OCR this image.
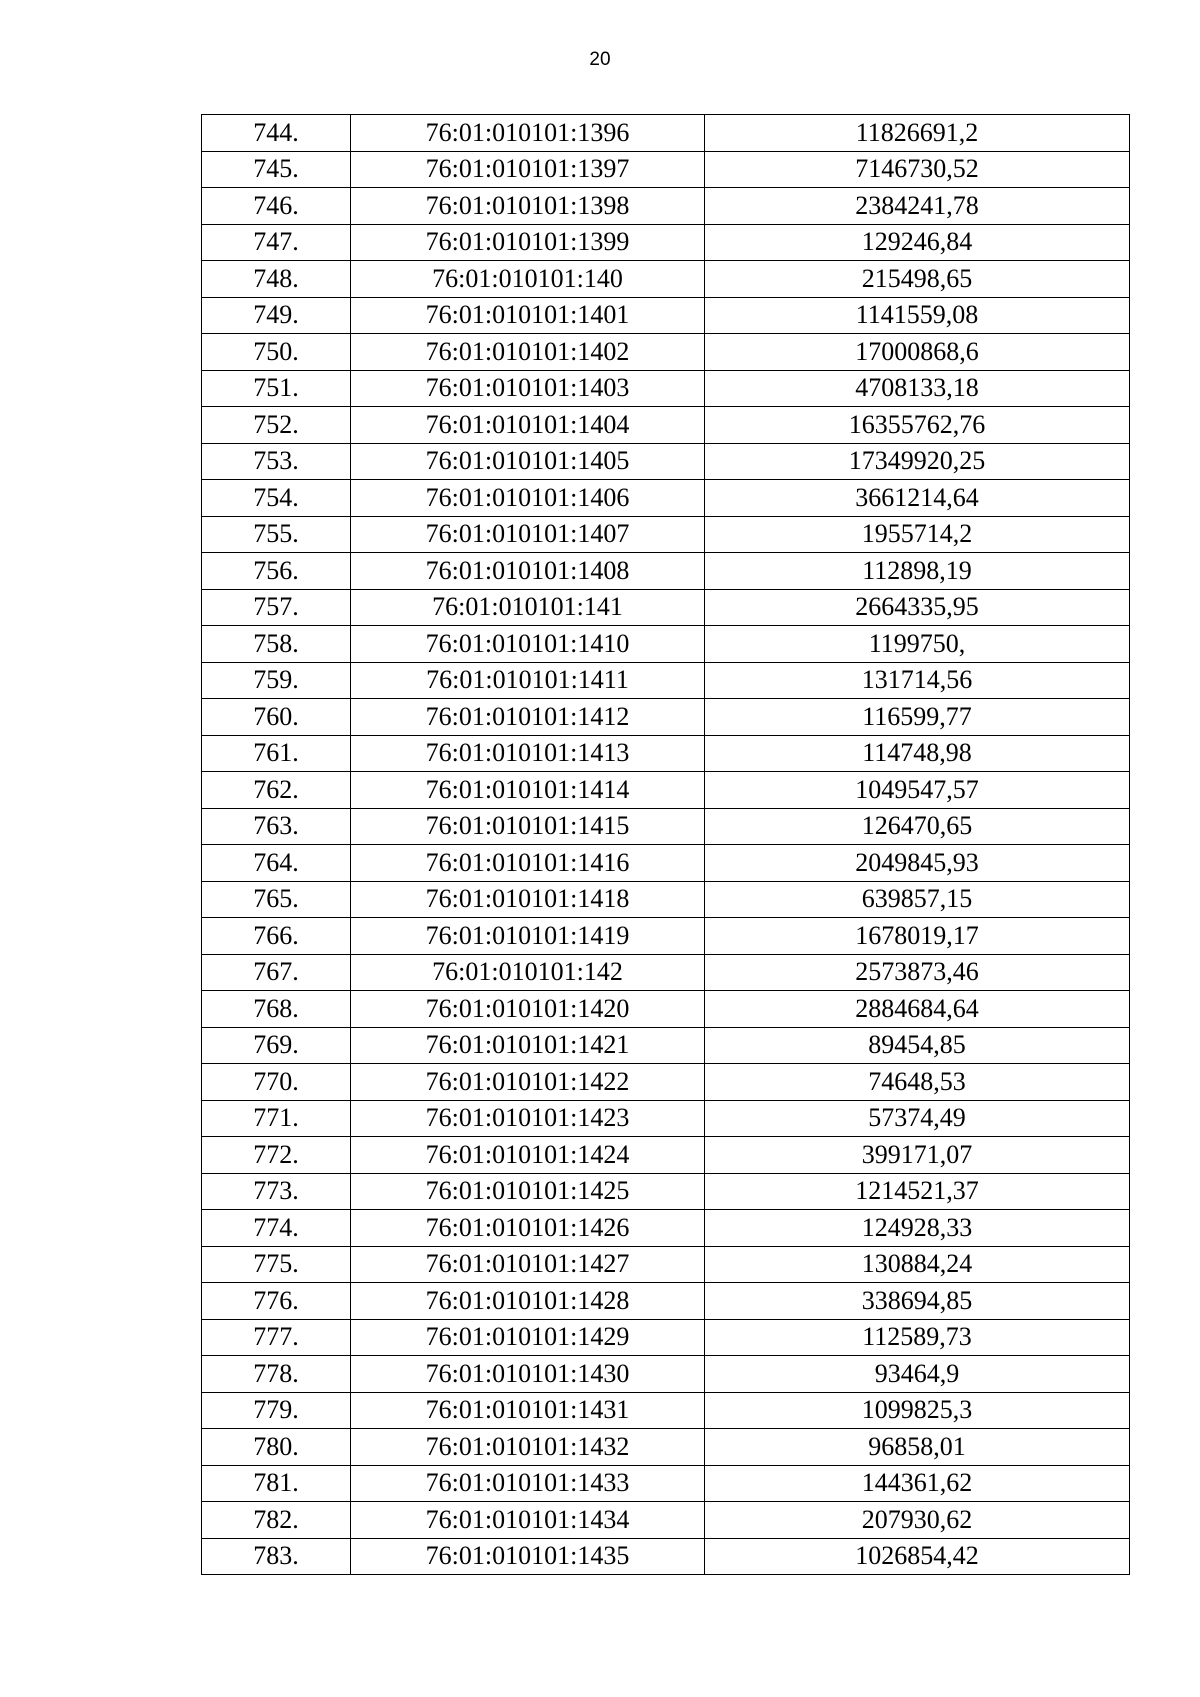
20
744.	76:01:010101:1396	11826691,2
745.	76:01:010101:1397	7146730,52
746.	76:01:010101:1398	2384241,78
747.	76:01:010101:1399	129246,84
748.	76:01:010101:140	215498,65
749.	76:01:010101:1401	1141559,08
750.	76:01:010101:1402	17000868,6
751.	76:01:010101:1403	4708133,18
752.	76:01:010101:1404	16355762,76
753.	76:01:010101:1405	17349920,25
754.	76:01:010101:1406	3661214,64
755.	76:01:010101:1407	1955714,2
756.	76:01:010101:1408	112898,19
757.	76:01:010101:141	2664335,95
758.	76:01:010101:1410	1199750,
759.	76:01:010101:1411	131714,56
760.	76:01:010101:1412	116599,77
761.	76:01:010101:1413	114748,98
762.	76:01:010101:1414	1049547,57
763.	76:01:010101:1415	126470,65
764.	76:01:010101:1416	2049845,93
765.	76:01:010101:1418	639857,15
766.	76:01:010101:1419	1678019,17
767.	76:01:010101:142	2573873,46
768.	76:01:010101:1420	2884684,64
769.	76:01:010101:1421	89454,85
770.	76:01:010101:1422	74648,53
771.	76:01:010101:1423	57374,49
772.	76:01:010101:1424	399171,07
773.	76:01:010101:1425	1214521,37
774.	76:01:010101:1426	124928,33
775.	76:01:010101:1427	130884,24
776.	76:01:010101:1428	338694,85
777.	76:01:010101:1429	112589,73
778.	76:01:010101:1430	93464,9
779.	76:01:010101:1431	1099825,3
780.	76:01:010101:1432	96858,01
781.	76:01:010101:1433	144361,62
782.	76:01:010101:1434	207930,62
783.	76:01:010101:1435	1026854,42
